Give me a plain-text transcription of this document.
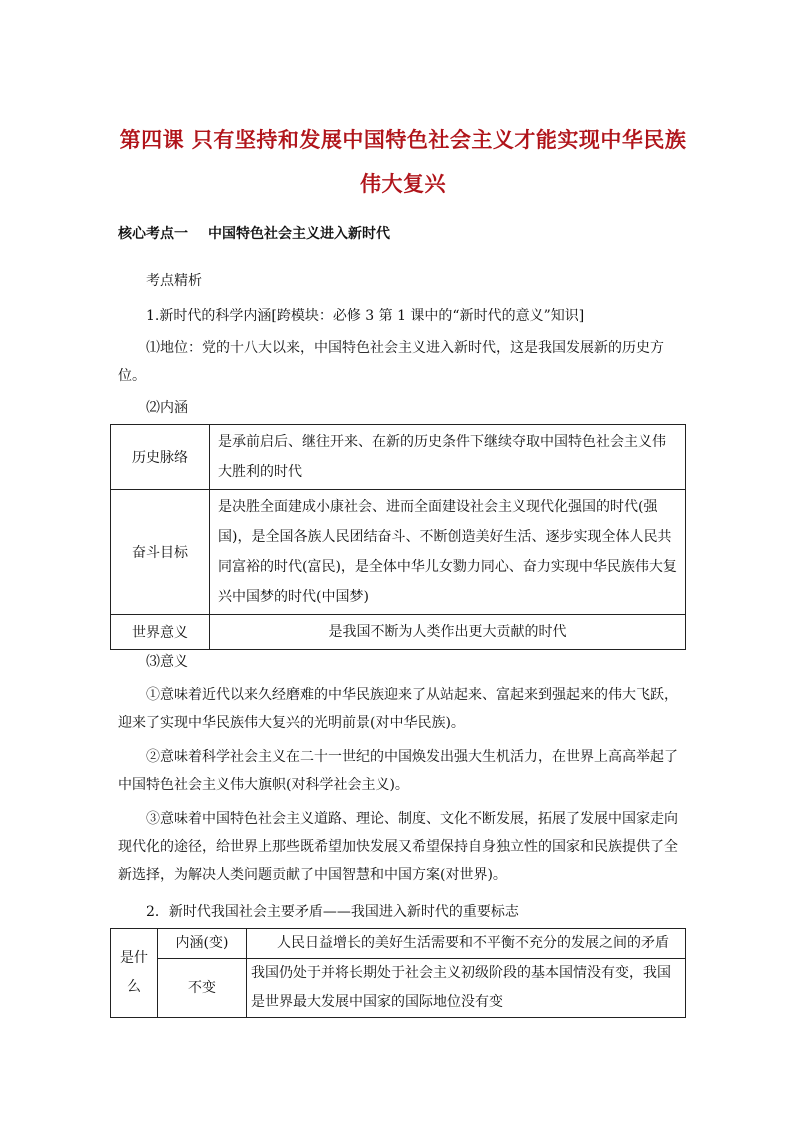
第四课 只有坚持和发展中国特色社会主义才能实现中华民族伟大复兴
核心考点一 中国特色社会主义进入新时代
考点精析
1.新时代的科学内涵[跨模块：必修 3 第 1 课中的“新时代的意义”知识]
⑴地位：党的十八大以来，中国特色社会主义进入新时代，这是我国发展新的历史方位。
⑵内涵
历史脉络	是承前启后、继往开来、在新的历史条件下继续夺取中国特色社会主义伟大胜利的时代
奋斗目标	是决胜全面建成小康社会、进而全面建设社会主义现代化强国的时代(强国)，是全国各族人民团结奋斗、不断创造美好生活、逐步实现全体人民共同富裕的时代(富民)，是全体中华儿女勠力同心、奋力实现中华民族伟大复兴中国梦的时代(中国梦)
世界意义	是我国不断为人类作出更大贡献的时代
⑶意义
①意味着近代以来久经磨难的中华民族迎来了从站起来、富起来到强起来的伟大飞跃，迎来了实现中华民族伟大复兴的光明前景(对中华民族)。
②意味着科学社会主义在二十一世纪的中国焕发出强大生机活力，在世界上高高举起了中国特色社会主义伟大旗帜(对科学社会主义)。
③意味着中国特色社会主义道路、理论、制度、文化不断发展，拓展了发展中国家走向现代化的途径，给世界上那些既希望加快发展又希望保持自身独立性的国家和民族提供了全新选择，为解决人类问题贡献了中国智慧和中国方案(对世界)。
2．新时代我国社会主要矛盾——我国进入新时代的重要标志
是什么	内涵(变)	人民日益增长的美好生活需要和不平衡不充分的发展之间的矛盾
	不变	我国仍处于并将长期处于社会主义初级阶段的基本国情没有变，我国是世界最大发展中国家的国际地位没有变
